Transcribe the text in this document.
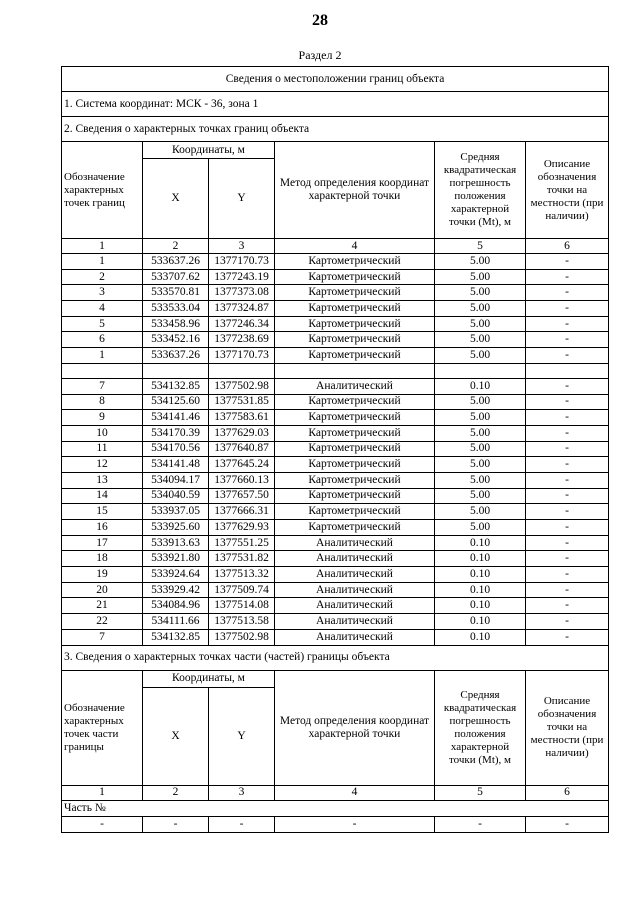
28
Раздел 2
Сведения о местоположении границ объекта					
1. Система координат: МСК - 36, зона 1					
2. Сведения о характерных точках границ объекта					
Обозначение характерных точек границ	Координаты, м		Метод определения координат характерной точки	Средняя квадратическая погрешность положения характерной точки (Mt), м	Описание обозначения точки на местности (при наличии)
	X	Y			
1	2	3	4	5	6
1	533637.26	1377170.73	Картометрический	5.00	-
2	533707.62	1377243.19	Картометрический	5.00	-
3	533570.81	1377373.08	Картометрический	5.00	-
4	533533.04	1377324.87	Картометрический	5.00	-
5	533458.96	1377246.34	Картометрический	5.00	-
6	533452.16	1377238.69	Картометрический	5.00	-
1	533637.26	1377170.73	Картометрический	5.00	-

7	534132.85	1377502.98	Аналитический	0.10	-
8	534125.60	1377531.85	Картометрический	5.00	-
9	534141.46	1377583.61	Картометрический	5.00	-
10	534170.39	1377629.03	Картометрический	5.00	-
11	534170.56	1377640.87	Картометрический	5.00	-
12	534141.48	1377645.24	Картометрический	5.00	-
13	534094.17	1377660.13	Картометрический	5.00	-
14	534040.59	1377657.50	Картометрический	5.00	-
15	533937.05	1377666.31	Картометрический	5.00	-
16	533925.60	1377629.93	Картометрический	5.00	-
17	533913.63	1377551.25	Аналитический	0.10	-
18	533921.80	1377531.82	Аналитический	0.10	-
19	533924.64	1377513.32	Аналитический	0.10	-
20	533929.42	1377509.74	Аналитический	0.10	-
21	534084.96	1377514.08	Аналитический	0.10	-
22	534111.66	1377513.58	Аналитический	0.10	-
7	534132.85	1377502.98	Аналитический	0.10	-
3. Сведения о характерных точках части (частей) границы объекта					
Обозначение характерных точек части границы	Координаты, м		Метод определения координат характерной точки	Средняя квадратическая погрешность положения характерной точки (Mt), м	Описание обозначения точки на местности (при наличии)
	X	Y			
1	2	3	4	5	6
Часть №					
-	-	-	-	-	-
